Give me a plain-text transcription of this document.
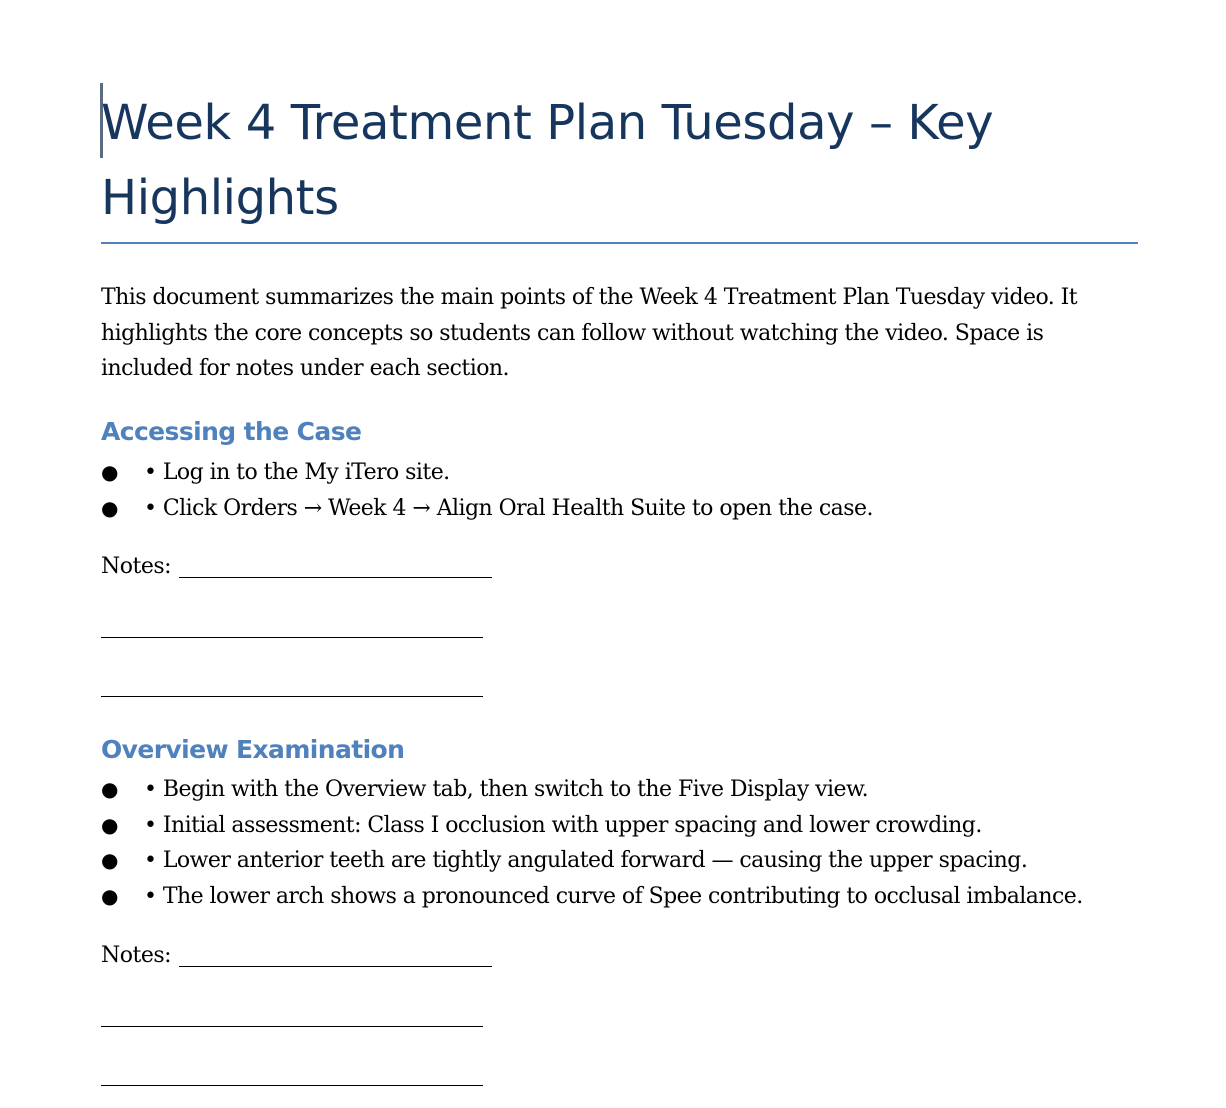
Week 4 Treatment Plan Tuesday – Key Highlights

This document summarizes the main points of the Week 4 Treatment Plan Tuesday video. It highlights the core concepts so students can follow without watching the video. Space is included for notes under each section.

Accessing the Case
● • Log in to the My iTero site.
● • Click Orders → Week 4 → Align Oral Health Suite to open the case.
Notes:
Overview Examination
● • Begin with the Overview tab, then switch to the Five Display view.
● • Initial assessment: Class I occlusion with upper spacing and lower crowding.
● • Lower anterior teeth are tightly angulated forward — causing the upper spacing.
● • The lower arch shows a pronounced curve of Spee contributing to occlusal imbalance.
Notes:
